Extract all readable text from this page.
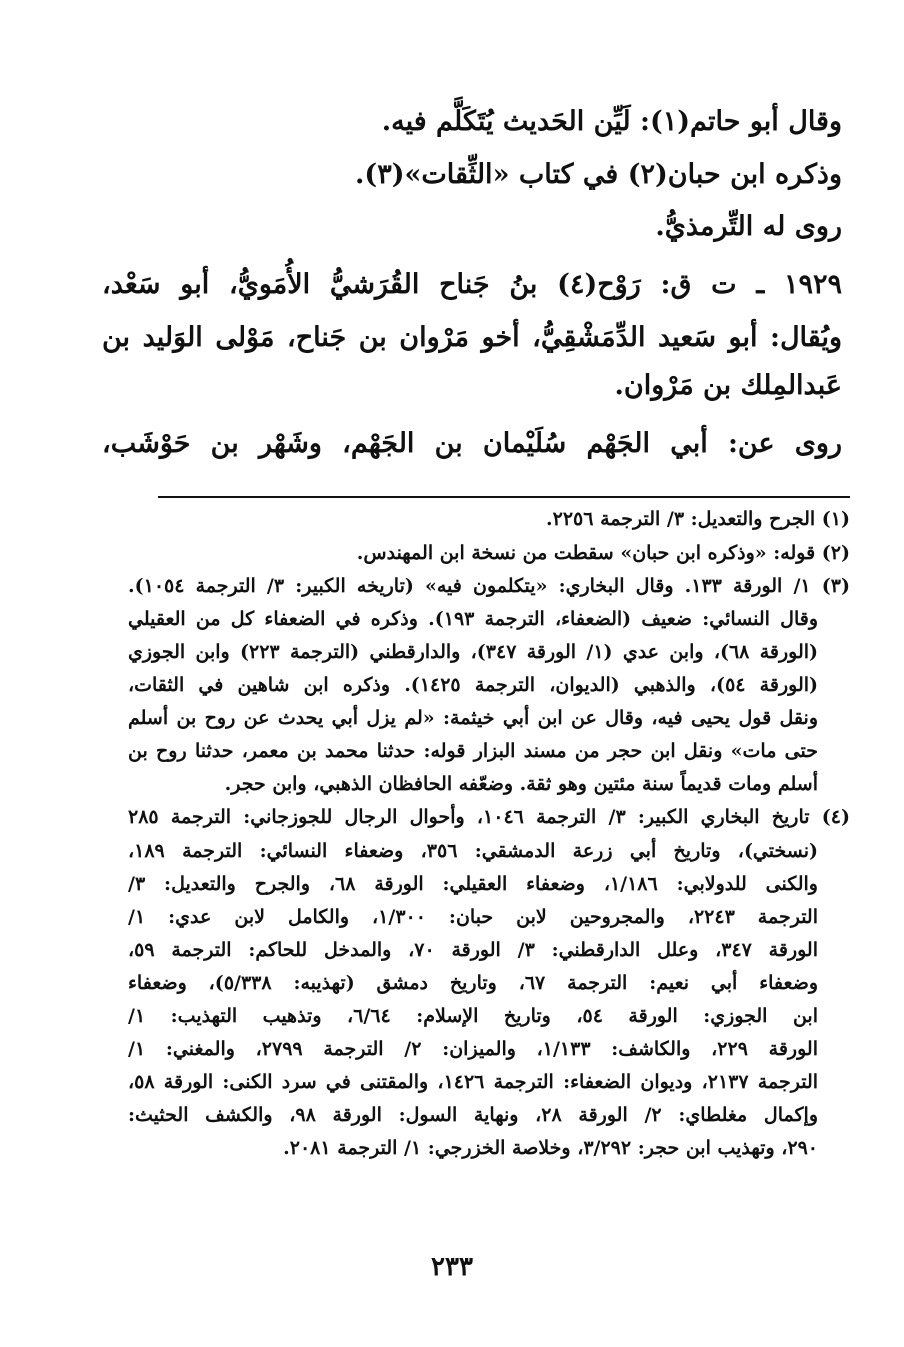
وقال أبو حاتم(١): لَيِّن الحَديث يُتَكَلَّم فيه.
وذكره ابن حبان(٢) في كتاب «الثِّقات»(٣).
روى له التِّرمذيُّ.
١٩٢٩ ـ ت ق: رَوْح(٤) بنُ جَناح القُرَشيُّ الأُمَويُّ، أبو سَعْد،
ويُقال: أبو سَعيد الدِّمَشْقِيُّ، أخو مَرْوان بن جَناح، مَوْلى الوَليد بن
عَبدالمِلك بن مَرْوان.
روى عن: أبي الجَهْم سُلَيْمان بن الجَهْم، وشَهْر بن حَوْشَب،
(١) الجرح والتعديل: ٣/ الترجمة ٢٢٥٦.
(٢) قوله: «وذكره ابن حبان» سقطت من نسخة ابن المهندس.
(٣) ١/ الورقة ١٣٣. وقال البخاري: «يتكلمون فيه» (تاريخه الكبير: ٣/ الترجمة ١٠٥٤).
وقال النسائي: ضعيف (الضعفاء، الترجمة ١٩٣). وذكره في الضعفاء كل من العقيلي
(الورقة ٦٨)، وابن عدي (١/ الورقة ٣٤٧)، والدارقطني (الترجمة ٢٢٣) وابن الجوزي
(الورقة ٥٤)، والذهبي (الديوان، الترجمة ١٤٢٥). وذكره ابن شاهين في الثقات،
ونقل قول يحيى فيه، وقال عن ابن أبي خيثمة: «لم يزل أبي يحدث عن روح بن أسلم
حتى مات» ونقل ابن حجر من مسند البزار قوله: حدثنا محمد بن معمر، حدثنا روح بن
أسلم ومات قديماً سنة مئتين وهو ثقة. وضعّفه الحافظان الذهبي، وابن حجر.
(٤) تاريخ البخاري الكبير: ٣/ الترجمة ١٠٤٦، وأحوال الرجال للجوزجاني: الترجمة ٢٨٥
(نسختي)، وتاريخ أبي زرعة الدمشقي: ٣٥٦، وضعفاء النسائي: الترجمة ١٨٩،
والكنى للدولابي: ١/١٨٦، وضعفاء العقيلي: الورقة ٦٨، والجرح والتعديل: ٣/
الترجمة ٢٢٤٣، والمجروحين لابن حبان: ١/٣٠٠، والكامل لابن عدي: ١/
الورقة ٣٤٧، وعلل الدارقطني: ٣/ الورقة ٧٠، والمدخل للحاكم: الترجمة ٥٩،
وضعفاء أبي نعيم: الترجمة ٦٧، وتاريخ دمشق (تهذيبه: ٥/٣٣٨)، وضعفاء
ابن الجوزي: الورقة ٥٤، وتاريخ الإسلام: ٦/٦٤، وتذهيب التهذيب: ١/
الورقة ٢٢٩، والكاشف: ١/١٣٣، والميزان: ٢/ الترجمة ٢٧٩٩، والمغني: ١/
الترجمة ٢١٣٧، وديوان الضعفاء: الترجمة ١٤٢٦، والمقتنى في سرد الكنى: الورقة ٥٨،
وإكمال مغلطاي: ٢/ الورقة ٢٨، ونهاية السول: الورقة ٩٨، والكشف الحثيث:
٢٩٠، وتهذيب ابن حجر: ٣/٢٩٢، وخلاصة الخزرجي: ١/ الترجمة ٢٠٨١.
٢٣٣
